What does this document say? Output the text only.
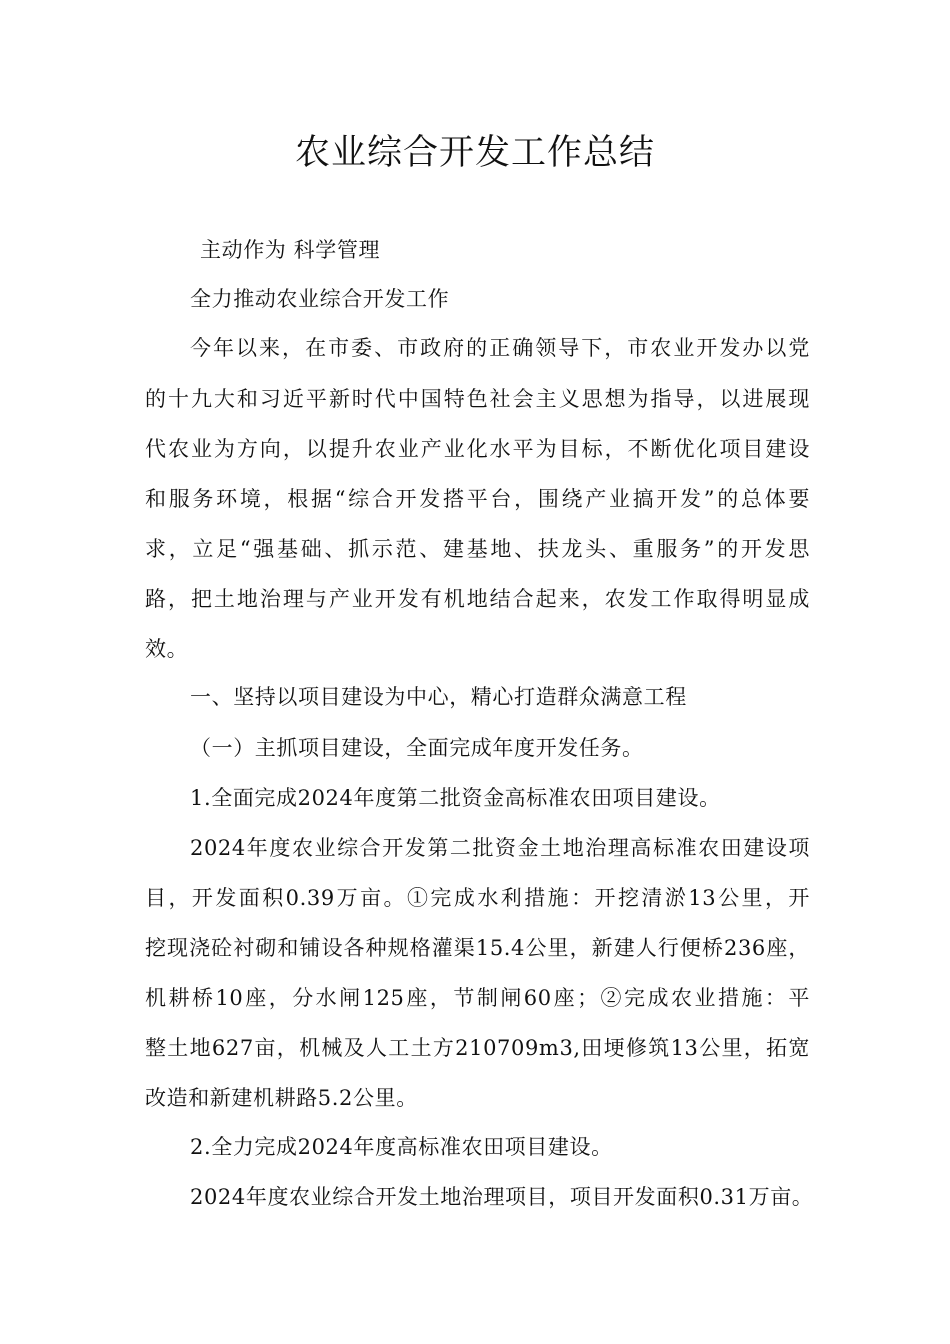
农业综合开发工作总结
主动作为 科学管理
全力推动农业综合开发工作
今年以来，在市委、市政府的正确领导下，市农业开发办以党
的十九大和习近平新时代中国特色社会主义思想为指导，以进展现
代农业为方向，以提升农业产业化水平为目标，不断优化项目建设
和服务环境，根据“综合开发搭平台，围绕产业搞开发”的总体要
求，立足“强基础、抓示范、建基地、扶龙头、重服务”的开发思
路，把土地治理与产业开发有机地结合起来，农发工作取得明显成
效。
一、坚持以项目建设为中心，精心打造群众满意工程
（一）主抓项目建设，全面完成年度开发任务。
1.全面完成2024年度第二批资金高标准农田项目建设。
2024年度农业综合开发第二批资金土地治理高标准农田建设项
目，开发面积0.39万亩。①完成水利措施：开挖清淤13公里，开
挖现浇砼衬砌和铺设各种规格灌渠15.4公里，新建人行便桥236座，
机耕桥10座，分水闸125座，节制闸60座；②完成农业措施：平
整土地627亩，机械及人工土方210709m3,田埂修筑13公里，拓宽
改造和新建机耕路5.2公里。
2.全力完成2024年度高标准农田项目建设。
2024年度农业综合开发土地治理项目，项目开发面积0.31万亩。
